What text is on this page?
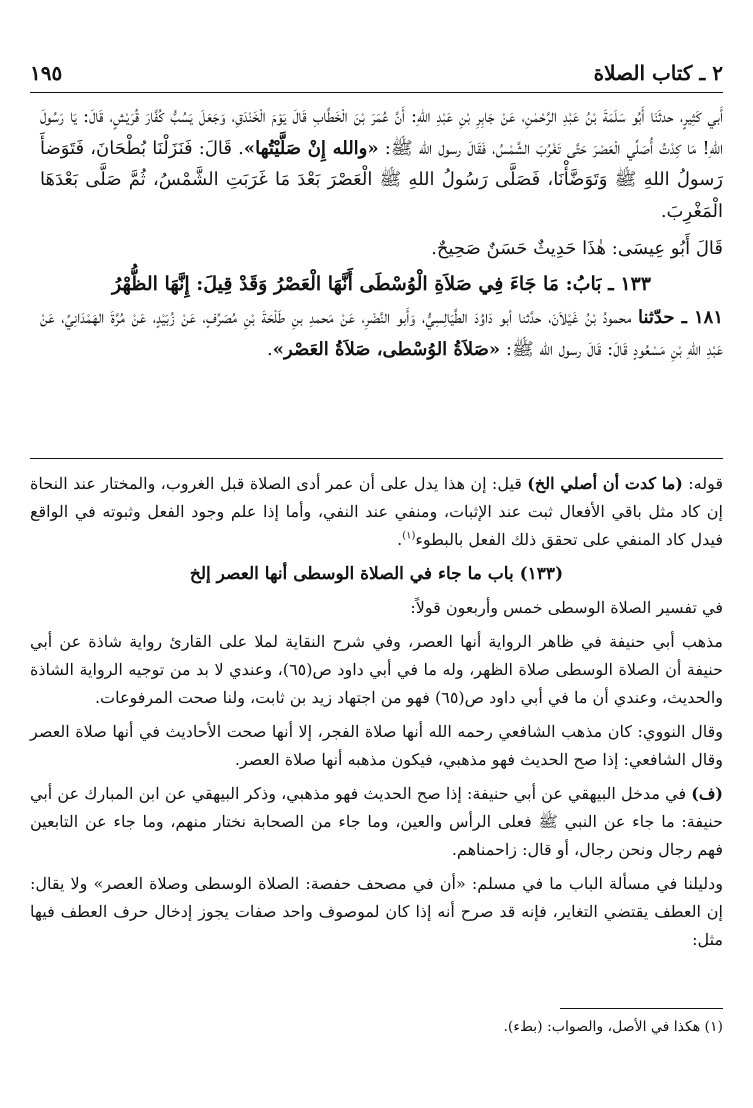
٢ ـ كتاب الصلاة
١٩٥

أَبي كَثِيرٍ، حدثَنَا أَبُو سَلَمَةَ بْنُ عَبْدِ الرَّحْمٰنِ، عَنْ جَابِرِ بْنِ عَبْدِ اللهِ: أَنَّ عُمَرَ بْنَ الْخَطَّابِ قَالَ يَوْمَ الْخَنْدَقِ، وَجَعَلَ يَسُبُّ كُفَّارَ قُرَيْشٍ، قَالَ: يَا رَسُولَ اللهِ! مَا كِدْتُ أُصَلِّي الْعَصْرَ حَتَّى تَغْرُبَ الشَّمْسُ، فَقَالَ رسول الله ﷺ: «والله إِنْ صَلَّيْتُها». قَالَ: فَنَزَلْنَا بُطْحَانَ، فَتَوَضأَ رَسولُ اللهِ ﷺ وَتَوَضَّأْنَا، فَصَلَّى رَسُولُ اللهِ ﷺ الْعَصْرَ بَعْدَ مَا غَرَبَتِ الشَّمْسُ، ثُمَّ صَلَّى بَعْدَهَا الْمَغْرِبَ.

قَالَ أَبُو عِيسَى: هٰذَا حَدِيثٌ حَسَنٌ صَحِيحٌ.

١٣٣ ـ بَابُ: مَا جَاءَ فِي صَلاَةِ الْوُسْطَى أَنَّهَا الْعَصْرُ وَقَدْ قِيلَ: إِنَّهَا الظُّهْرُ

١٨١ ـ حدّثنا محمودُ بْنُ غَيْلاَنَ، حدَّثنا أبو دَاوُدَ الطَّيَالِسِيُّ، وَأَبو النَّضْرِ، عَنْ مَحمدِ بنِ طَلْحَةَ بْنِ مُصَرِّفٍ، عَنْ زُبَيْدٍ، عَنْ مُرَّةَ الهَمْدَانِيِّ، عَنْ عَبْدِ اللهِ بْنِ مَسْعُودٍ قَالَ: قَالَ رسول الله ﷺ: «صَلاَةُ الوُسْطى، صَلاَةُ العَصْر».

قوله: (ما كدت أن أصلي الخ) قيل: إن هذا يدل على أن عمر أدى الصلاة قبل الغروب، والمختار عند النحاة إن كاد مثل باقي الأفعال ثبت عند الإثبات، ومنفي عند النفي، وأما إذا علم وجود الفعل وثبوته في الواقع فيدل كاد المنفي على تحقق ذلك الفعل بالبطوء$^{(١)}$.

(١٣٣) باب ما جاء في الصلاة الوسطى أنها العصر إلخ

في تفسير الصلاة الوسطى خمس وأربعون قولاً:

مذهب أبي حنيفة في ظاهر الرواية أنها العصر، وفي شرح النقاية لملا على القارئ رواية شاذة عن أبي حنيفة أن الصلاة الوسطى صلاة الظهر، وله ما في أبي داود ص(٦٥)، وعندي لا بد من توجيه الرواية الشاذة والحديث، وعندي أن ما في أبي داود ص(٦٥) فهو من اجتهاد زيد بن ثابت، ولنا صحت المرفوعات.

وقال النووي: كان مذهب الشافعي رحمه الله أنها صلاة الفجر، إلا أنها صحت الأحاديث في أنها صلاة العصر وقال الشافعي: إذا صح الحديث فهو مذهبي، فيكون مذهبه أنها صلاة العصر.

(ف) في مدخل البيهقي عن أبي حنيفة: إذا صح الحديث فهو مذهبي، وذكر البيهقي عن ابن المبارك عن أبي حنيفة: ما جاء عن النبي ﷺ فعلى الرأس والعين، وما جاء من الصحابة نختار منهم، وما جاء عن التابعين فهم رجال ونحن رجال، أو قال: زاحمناهم.

ودليلنا في مسألة الباب ما في مسلم: «أن في مصحف حفصة: الصلاة الوسطى وصلاة العصر» ولا يقال: إن العطف يقتضي التغاير، فإنه قد صرح أنه إذا كان لموصوف واحد صفات يجوز إدخال حرف العطف فيها مثل:

(١) هكذا في الأصل، والصواب: (بطء).
